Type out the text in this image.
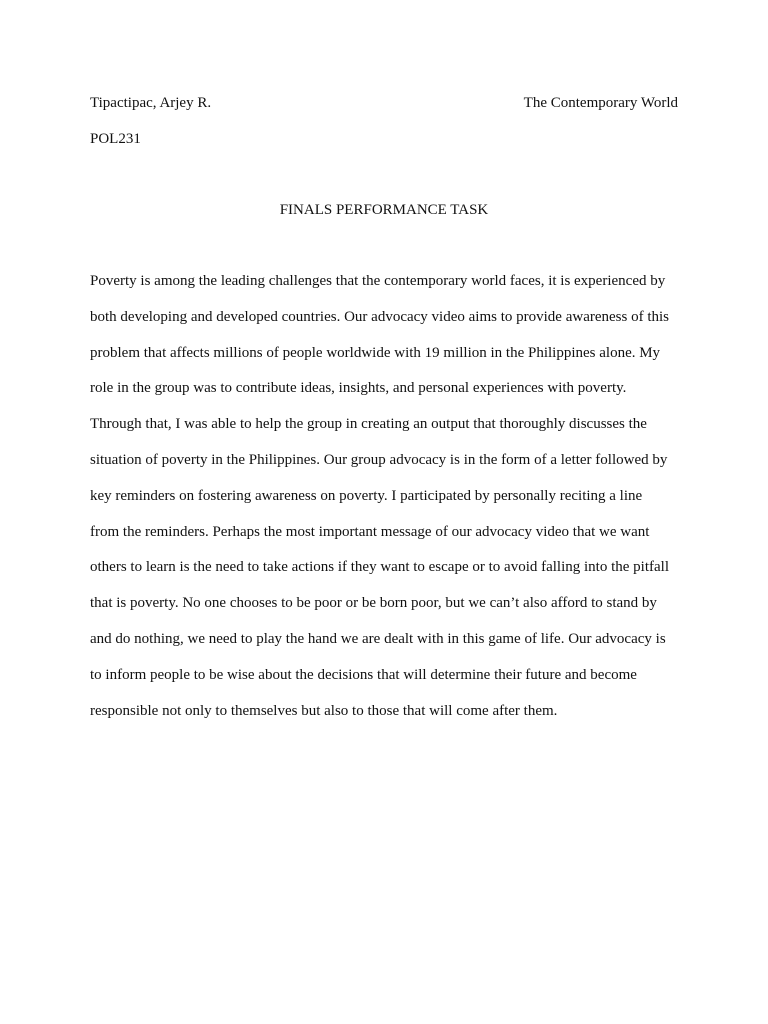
Tipactipac, Arjey R.	The Contemporary World
POL231
FINALS PERFORMANCE TASK
Poverty is among the leading challenges that the contemporary world faces, it is experienced by
both developing and developed countries. Our advocacy video aims to provide awareness of this
problem that affects millions of people worldwide with 19 million in the Philippines alone. My
role in the group was to contribute ideas, insights, and personal experiences with poverty.
Through that, I was able to help the group in creating an output that thoroughly discusses the
situation of poverty in the Philippines. Our group advocacy is in the form of a letter followed by
key reminders on fostering awareness on poverty. I participated by personally reciting a line
from the reminders. Perhaps the most important message of our advocacy video that we want
others to learn is the need to take actions if they want to escape or to avoid falling into the pitfall
that is poverty. No one chooses to be poor or be born poor, but we can’t also afford to stand by
and do nothing, we need to play the hand we are dealt with in this game of life. Our advocacy is
to inform people to be wise about the decisions that will determine their future and become
responsible not only to themselves but also to those that will come after them.
